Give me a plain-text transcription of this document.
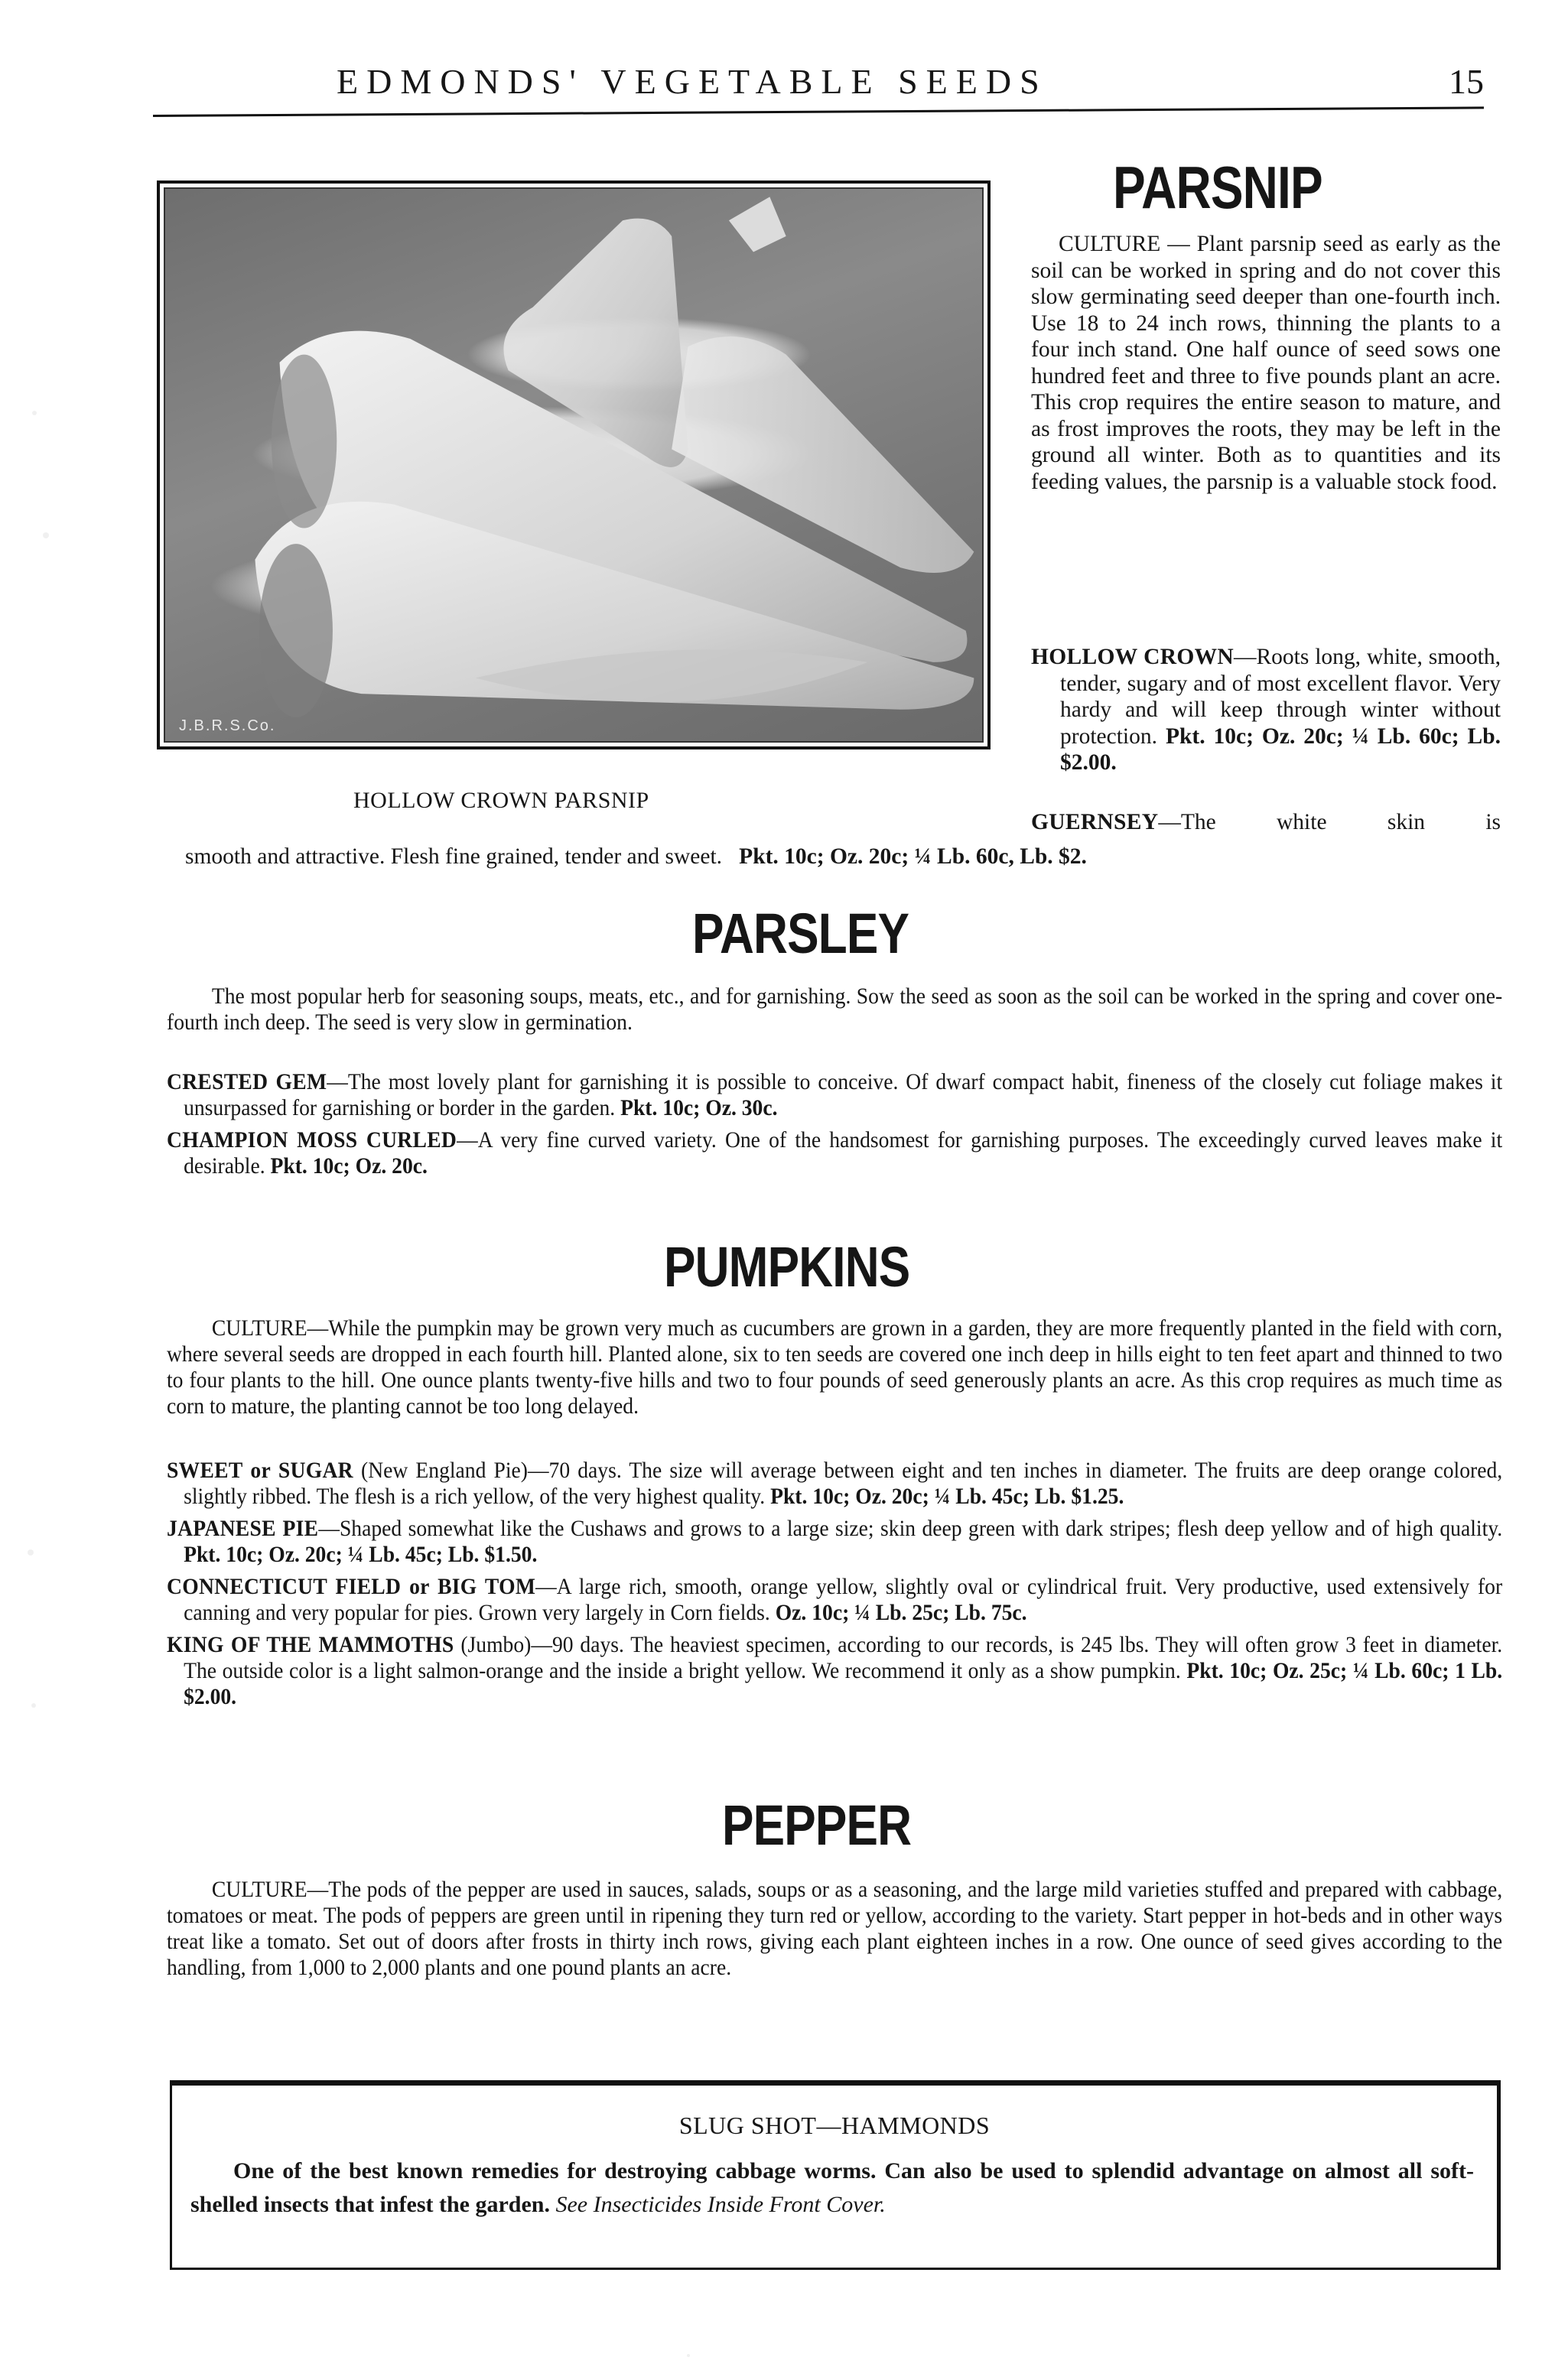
EDMONDS' VEGETABLE SEEDS	15
J.B.R.S.Co.
HOLLOW CROWN PARSNIP
PARSNIP
CULTURE — Plant parsnip seed as early as the soil can be worked in spring and do not cover this slow germinating seed deeper than one-fourth inch. Use 18 to 24 inch rows, thinning the plants to a four inch stand. One half ounce of seed sows one hundred feet and three to five pounds plant an acre. This crop requires the entire season to mature, and as frost improves the roots, they may be left in the ground all winter. Both as to quantities and its feeding values, the parsnip is a valuable stock food.

HOLLOW CROWN—Roots long, white, smooth, tender, sugary and of most excellent flavor. Very hardy and will keep through winter without protection. Pkt. 10c; Oz. 20c; ¼ Lb. 60c; Lb. $2.00.

GUERNSEY—The white skin is
smooth and attractive. Flesh fine grained, tender and sweet. Pkt. 10c; Oz. 20c; ¼ Lb. 60c, Lb. $2.
PARSLEY
The most popular herb for seasoning soups, meats, etc., and for garnishing. Sow the seed as soon as the soil can be worked in the spring and cover one-fourth inch deep. The seed is very slow in germination.

CRESTED GEM—The most lovely plant for garnishing it is possible to conceive. Of dwarf compact habit, fineness of the closely cut foliage makes it unsurpassed for garnishing or border in the garden. Pkt. 10c; Oz. 30c.

CHAMPION MOSS CURLED—A very fine curved variety. One of the handsomest for garnishing purposes. The exceedingly curved leaves make it desirable. Pkt. 10c; Oz. 20c.

PUMPKINS
CULTURE—While the pumpkin may be grown very much as cucumbers are grown in a garden, they are more frequently planted in the field with corn, where several seeds are dropped in each fourth hill. Planted alone, six to ten seeds are covered one inch deep in hills eight to ten feet apart and thinned to two to four plants to the hill. One ounce plants twenty-five hills and two to four pounds of seed generously plants an acre. As this crop requires as much time as corn to mature, the planting cannot be too long delayed.

SWEET or SUGAR (New England Pie)—70 days. The size will average between eight and ten inches in diameter. The fruits are deep orange colored, slightly ribbed. The flesh is a rich yellow, of the very highest quality. Pkt. 10c; Oz. 20c; ¼ Lb. 45c; Lb. $1.25.

JAPANESE PIE—Shaped somewhat like the Cushaws and grows to a large size; skin deep green with dark stripes; flesh deep yellow and of high quality. Pkt. 10c; Oz. 20c; ¼ Lb. 45c; Lb. $1.50.

CONNECTICUT FIELD or BIG TOM—A large rich, smooth, orange yellow, slightly oval or cylindrical fruit. Very productive, used extensively for canning and very popular for pies. Grown very largely in Corn fields. Oz. 10c; ¼ Lb. 25c; Lb. 75c.

KING OF THE MAMMOTHS (Jumbo)—90 days. The heaviest specimen, according to our records, is 245 lbs. They will often grow 3 feet in diameter. The outside color is a light salmon-orange and the inside a bright yellow. We recommend it only as a show pumpkin. Pkt. 10c; Oz. 25c; ¼ Lb. 60c; 1 Lb. $2.00.

PEPPER
CULTURE—The pods of the pepper are used in sauces, salads, soups or as a seasoning, and the large mild varieties stuffed and prepared with cabbage, tomatoes or meat. The pods of peppers are green until in ripening they turn red or yellow, according to the variety. Start pepper in hot-beds and in other ways treat like a tomato. Set out of doors after frosts in thirty inch rows, giving each plant eighteen inches in a row. One ounce of seed gives according to the handling, from 1,000 to 2,000 plants and one pound plants an acre.
SLUG SHOT—HAMMONDS
One of the best known remedies for destroying cabbage worms. Can also be used to splendid advantage on almost all soft-shelled insects that infest the garden. See Insecticides Inside Front Cover.
